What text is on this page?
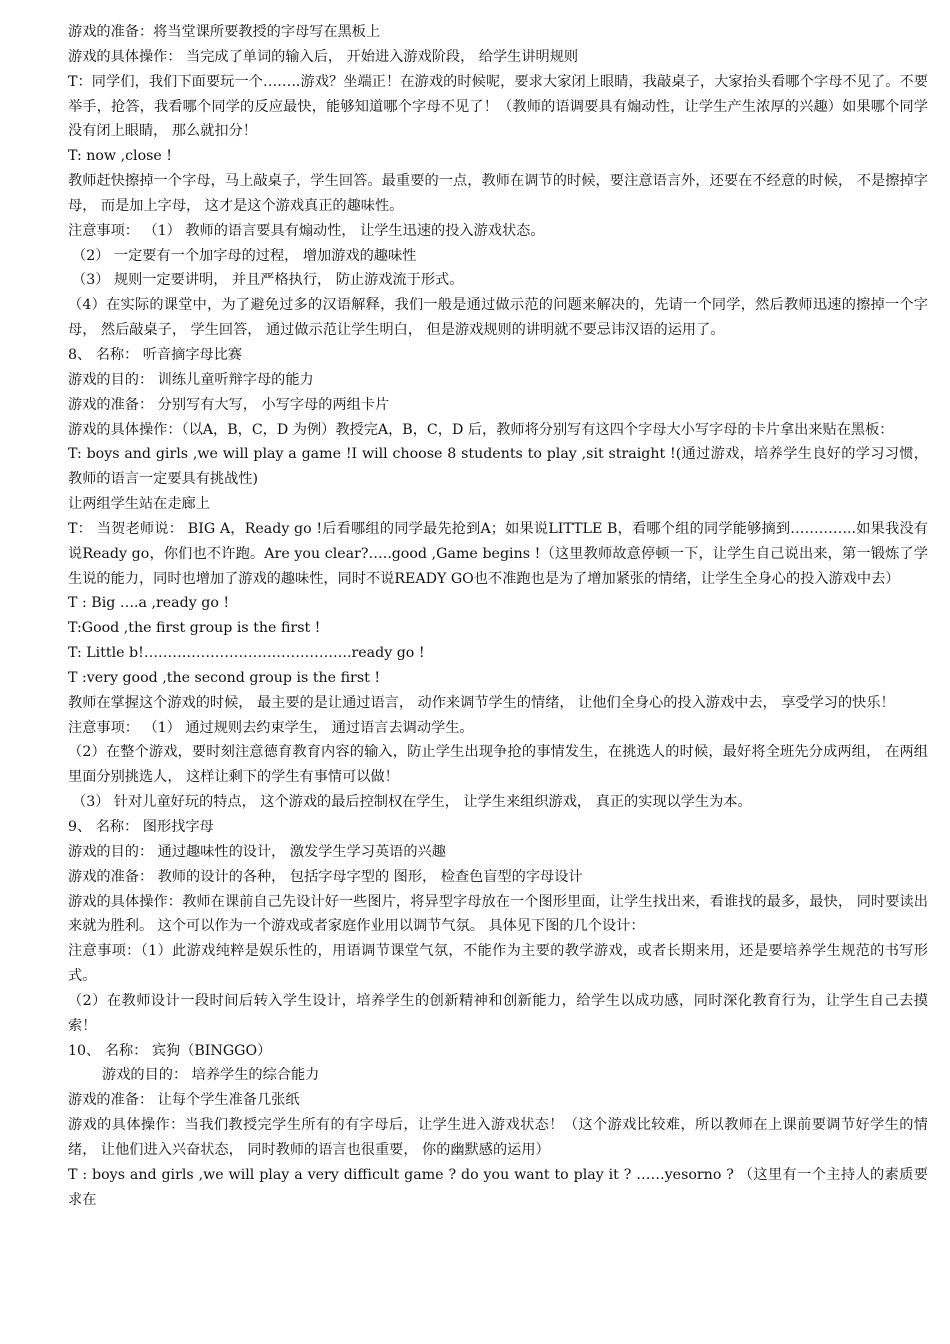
游戏的准备：将当堂课所要教授的字母写在黑板上

游戏的具体操作： 当完成了单词的输入后， 开始进入游戏阶段， 给学生讲明规则

T：同学们，我们下面要玩一个……..游戏？坐端正！在游戏的时候呢，要求大家闭上眼睛，我敲桌子，大家抬头看哪个字母不见了。不要举手，抢答，我看哪个同学的反应最快，能够知道哪个字母不见了！（教师的语调要具有煽动性，让学生产生浓厚的兴趣）如果哪个同学没有闭上眼睛， 那么就扣分！

T: now ,close !

教师赶快擦掉一个字母，马上敲桌子，学生回答。最重要的一点，教师在调节的时候，要注意语言外，还要在不经意的时候， 不是擦掉字母， 而是加上字母， 这才是这个游戏真正的趣味性。

注意事项： （1） 教师的语言要具有煽动性， 让学生迅速的投入游戏状态。

（2） 一定要有一个加字母的过程， 增加游戏的趣味性

（3） 规则一定要讲明， 并且严格执行， 防止游戏流于形式。

（4）在实际的课堂中，为了避免过多的汉语解释，我们一般是通过做示范的问题来解决的，先请一个同学，然后教师迅速的擦掉一个字母， 然后敲桌子， 学生回答， 通过做示范让学生明白， 但是游戏规则的讲明就不要忌讳汉语的运用了。

8、 名称： 听音摘字母比赛

游戏的目的： 训练儿童听辩字母的能力

游戏的准备： 分别写有大写， 小写字母的两组卡片

游戏的具体操作：（以A，B，C，D 为例）教授完A，B，C，D 后，教师将分别写有这四个字母大小写字母的卡片拿出来贴在黑板：

T: boys and girls ,we will play a game !I will choose 8 students to play ,sit straight !(通过游戏，培养学生良好的学习习惯，教师的语言一定要具有挑战性)

让两组学生站在走廊上

T： 当贺老师说： BIG A，Ready go !后看哪组的同学最先抢到A；如果说LITTLE B，看哪个组的同学能够摘到…………..如果我没有说Ready go，你们也不许跑。Are you clear?…..good ,Game begins !（这里教师故意停顿一下，让学生自己说出来，第一锻炼了学生说的能力，同时也增加了游戏的趣味性，同时不说READY GO也不准跑也是为了增加紧张的情绪，让学生全身心的投入游戏中去）

T : Big ….a ,ready go !

T:Good ,the first group is the first !

T: Little b!……………………………………..ready go !

T :very good ,the second group is the first !

教师在掌握这个游戏的时候， 最主要的是让通过语言， 动作来调节学生的情绪， 让他们全身心的投入游戏中去， 享受学习的快乐！

注意事项： （1） 通过规则去约束学生， 通过语言去调动学生。

（2）在整个游戏，要时刻注意德育教育内容的输入，防止学生出现争抢的事情发生，在挑选人的时候，最好将全班先分成两组， 在两组里面分别挑选人， 这样让剩下的学生有事情可以做！

（3） 针对儿童好玩的特点， 这个游戏的最后控制权在学生， 让学生来组织游戏， 真正的实现以学生为本。

9、 名称： 图形找字母

游戏的目的： 通过趣味性的设计， 激发学生学习英语的兴趣

游戏的准备： 教师的设计的各种， 包括字母字型的 图形， 检查色盲型的字母设计

游戏的具体操作：教师在课前自己先设计好一些图片，将异型字母放在一个图形里面，让学生找出来，看谁找的最多，最快， 同时要读出来就为胜利。 这个可以作为一个游戏或者家庭作业用以调节气氛。 具体见下图的几个设计：

注意事项：（1）此游戏纯粹是娱乐性的，用语调节课堂气氛，不能作为主要的教学游戏，或者长期来用，还是要培养学生规范的书写形式。

（2）在教师设计一段时间后转入学生设计，培养学生的创新精神和创新能力，给学生以成功感，同时深化教育行为，让学生自己去摸索！

10、 名称： 宾狗（BINGGO）

游戏的目的： 培养学生的综合能力

游戏的准备： 让每个学生准备几张纸

游戏的具体操作：当我们教授完学生所有的有字母后，让学生进入游戏状态！（这个游戏比较难，所以教师在上课前要调节好学生的情绪， 让他们进入兴奋状态， 同时教师的语言也很重要， 你的幽默感的运用）

T : boys and girls ,we will play a very difficult game ? do you want to play it ? ……yesorno ? （这里有一个主持人的素质要求在
